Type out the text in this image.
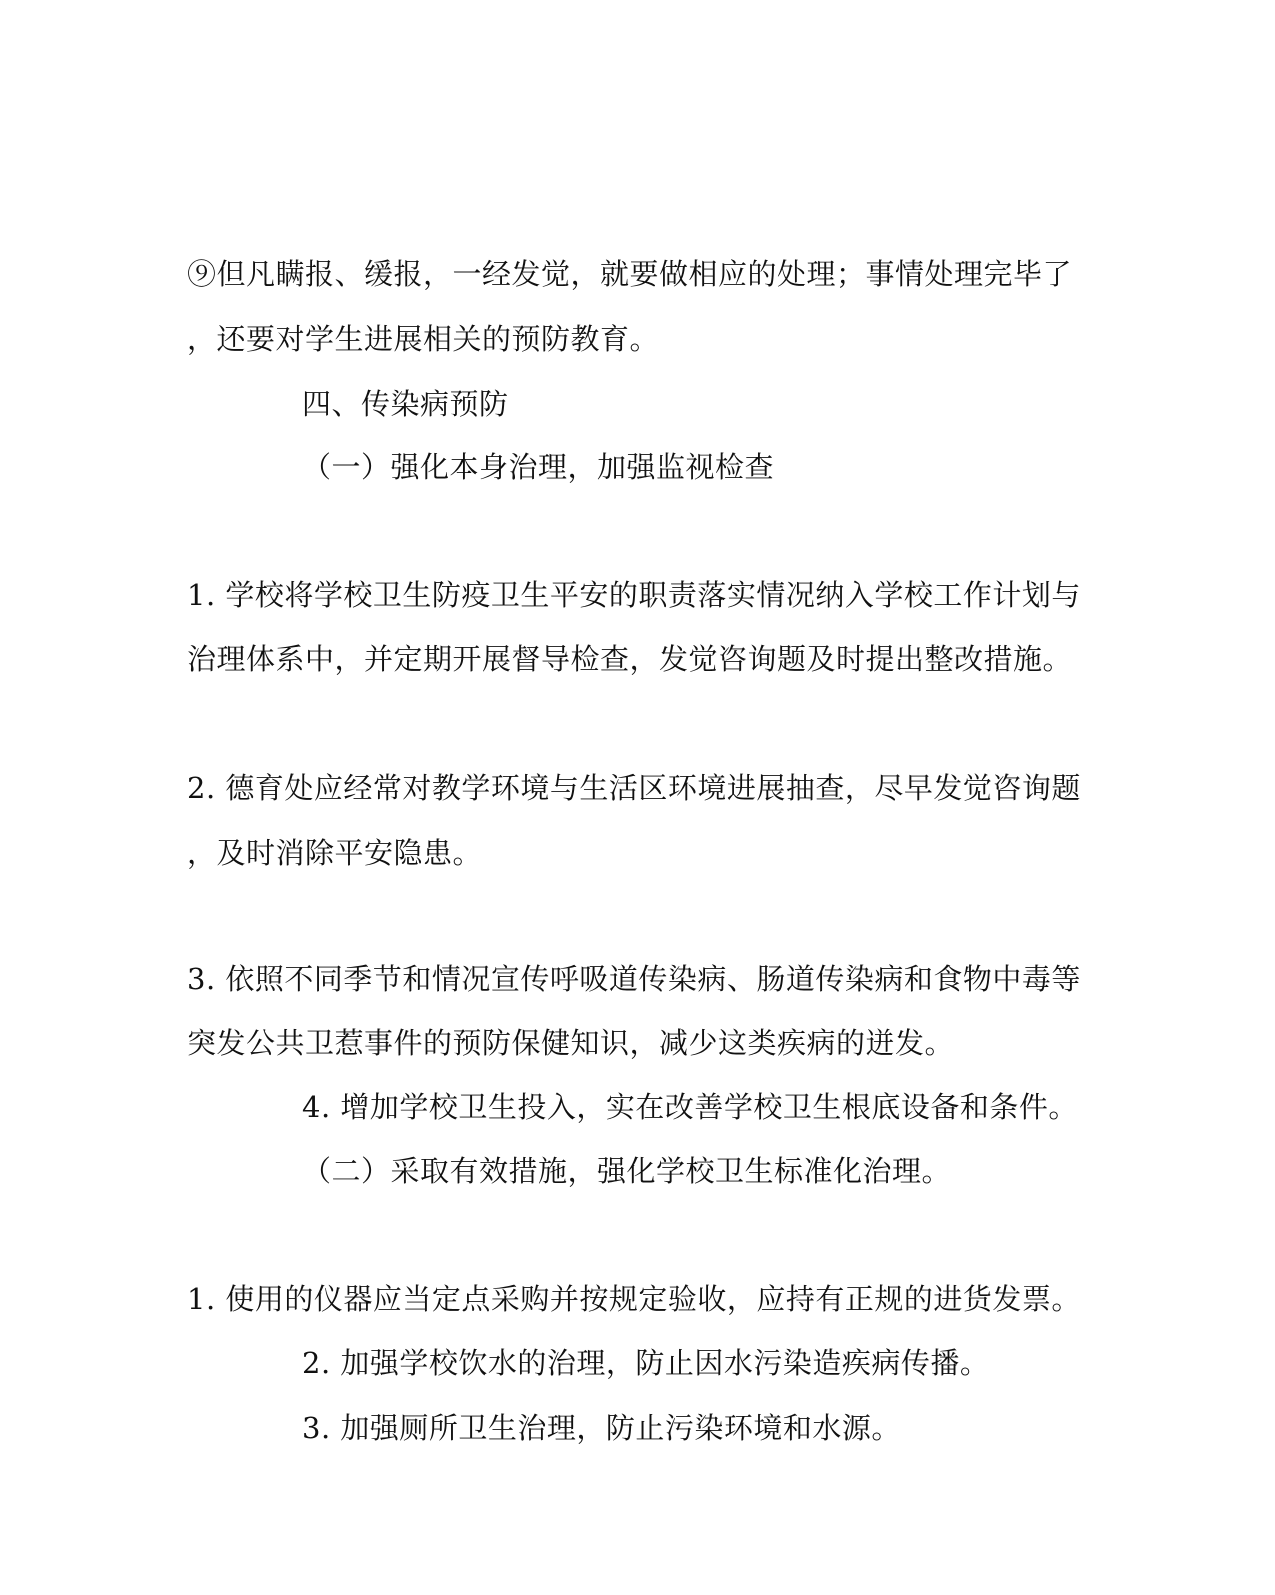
⑨但凡瞒报、缓报，一经发觉，就要做相应的处理；事情处理完毕了

，还要对学生进展相关的预防教育。

四、传染病预防

（一）强化本身治理，加强监视检查

1. 学校将学校卫生防疫卫生平安的职责落实情况纳入学校工作计划与

治理体系中，并定期开展督导检查，发觉咨询题及时提出整改措施。

2. 德育处应经常对教学环境与生活区环境进展抽查，尽早发觉咨询题

，及时消除平安隐患。

3. 依照不同季节和情况宣传呼吸道传染病、肠道传染病和食物中毒等

突发公共卫惹事件的预防保健知识，减少这类疾病的迸发。

4. 增加学校卫生投入，实在改善学校卫生根底设备和条件。

（二）采取有效措施，强化学校卫生标准化治理。

1. 使用的仪器应当定点采购并按规定验收，应持有正规的进货发票。

2. 加强学校饮水的治理，防止因水污染造疾病传播。

3. 加强厕所卫生治理，防止污染环境和水源。
